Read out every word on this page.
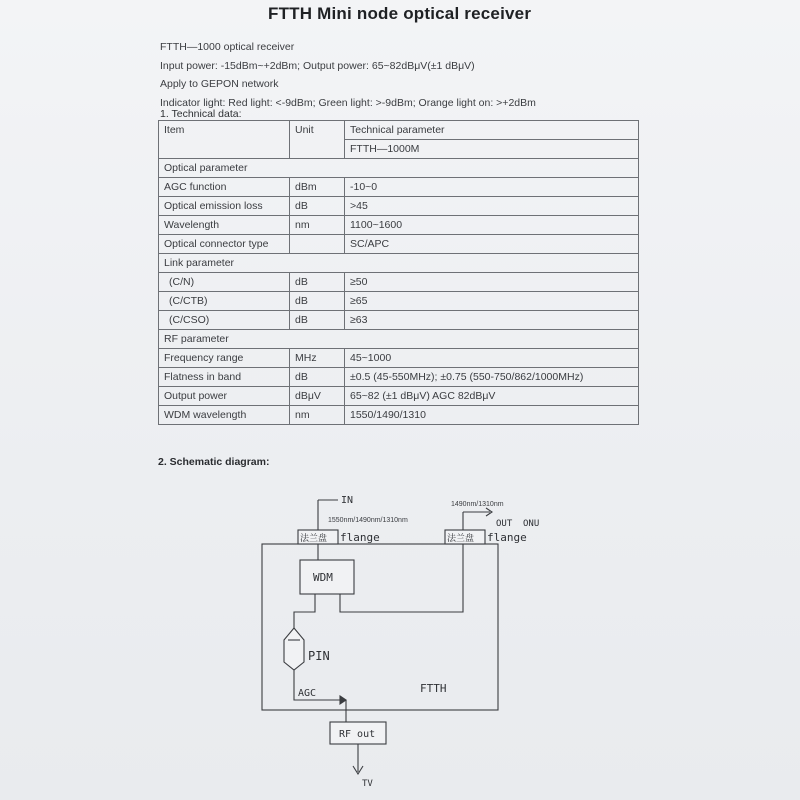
FTTH Mini node optical receiver
FTTH—1000 optical receiver
Input power: -15dBm~+2dBm; Output power: 65~82dBμV(±1 dBμV)
Apply to GEPON network
Indicator light: Red light: <-9dBm; Green light: >-9dBm; Orange light on: >+2dBm
1. Technical data:
Item	Unit	Technical parameter
		FTTH—1000M
Optical parameter		
AGC function	dBm	-10~0
Optical emission loss	dB	>45
Wavelength	nm	1100~1600
Optical connector type		SC/APC
Link parameter		
(C/N)	dB	≥50
(C/CTB)	dB	≥65
(C/CSO)	dB	≥63
RF parameter		
Frequency range	MHz	45~1000
Flatness in band	dB	±0.5 (45-550MHz); ±0.75 (550-750/862/1000MHz)
Output power	dBμV	65~82 (±1 dBμV) AGC 82dBμV
WDM wavelength	nm	1550/1490/1310
2. Schematic diagram:
IN
1550nm/1490nm/1310nm
1490nm/1310nm
OUT ONU
法兰盘 flange	法兰盘 flange
WDM
PIN
AGC	FTTH
RF out
TV
